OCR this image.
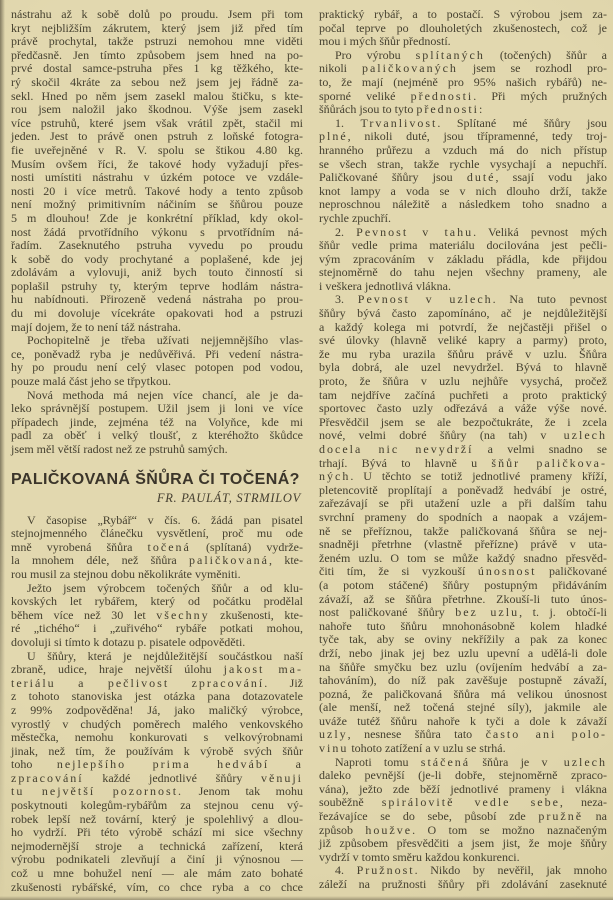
nástrahu až k sobě dolů po proudu. Jsem při tom
kryt nejbližším zákrutem, který jsem již před tím
právě prochytal, takže pstruzi nemohou mne viděti
předčasně. Jen tímto způsobem jsem hned na po-
prvé dostal samce-pstruha přes 1 kg těžkého, kte-
rý skočil 4kráte za sebou než jsem jej řádně za-
sekl. Hned po něm jsem zasekl malou štičku, s kte-
rou jsem naložil jako škodnou. Výše jsem zasekl
více pstruhů, které jsem však vrátil zpět, stačil mi
jeden. Jest to právě onen pstruh z loňské fotogra-
fie uveřejněné v R. V. spolu se štikou 4.80 kg.
Musím ovšem říci, že takové hody vyžadují přes-
nosti umístiti nástrahu v úzkém potoce ve vzdále-
nosti 20 i více metrů. Takové hody a tento způsob
není možný primitivním náčiním se šňůrou pouze
5 m dlouhou! Zde je konkrétní příklad, kdy okol-
nost žádá prvotřídního výkonu s prvotřídním ná-
řadím. Zaseknutého pstruha vyvedu po proudu
k sobě do vody prochytané a poplašené, kde jej
zdolávám a vylovuji, aniž bych touto činností si
poplašil pstruhy ty, kterým teprve hodlám nástra-
hu nabídnouti. Přirozeně vedená nástraha po prou-
du mi dovoluje vícekráte opakovati hod a pstruzi
mají dojem, že to není táž nástraha.
Pochopitelně je třeba užívati nejjemnějšího vlas-
ce, poněvadž ryba je nedůvěřivá. Při vedení nástra-
hy po proudu není celý vlasec potopen pod vodou,
pouze malá část jeho se třpytkou.
Nová methoda má nejen více chancí, ale je da-
leko správnější postupem. Užil jsem ji loni ve více
případech jinde, zejména též na Volyňce, kde mi
padl za oběť i velký tloušť, z kteréhožto škůdce
jsem měl větší radost než ze pstruhů samých.
PALIČKOVANÁ ŠŇŮRA ČI TOČENÁ?
FR. PAULÁT, STRMILOV
V časopise „Rybář“ v čís. 6. žádá pan pisatel
stejnojmenného článečku vysvětlení, proč mu ode
mně vyrobená šňůra točená (splítaná) vydrže-
la mnohem déle, než šňůra paličkovaná, kte-
rou musil za stejnou dobu několikráte vyměniti.
Ježto jsem výrobcem točených šňůr a od klu-
kovských let rybářem, který od počátku prodělal
během více než 30 let všechny zkušenosti, kte-
ré „tichého“ i „zuřivého“ rybáře potkati mohou,
dovoluji si tímto k dotazu p. pisatele odpověděti.
U šňůry, která je nejdůležitější součástkou naší
zbraně, udice, hraje největší úlohu jakost ma-
teriálu a pečlivost zpracování. Již
z tohoto stanoviska jest otázka pana dotazovatele
z 99% zodpověděna! Já, jako maličký výrobce,
vyrostlý v chudých poměrech malého venkovského
městečka, nemohu konkurovati s velkovýrobnami
jinak, než tím, že používám k výrobě svých šňůr
toho nejlepšího prima hedvábí a
zpracování každé jednotlivé šňůry věnuji
tu největší pozornost. Jenom tak mohu
poskytnouti kolegům-rybářům za stejnou cenu vý-
robek lepší než tovární, který je spolehlivý a dlou-
ho vydrží. Při této výrobě schází mi sice všechny
nejmodernější stroje a technická zařízení, která
výrobu podnikateli zlevňují a činí ji výnosnou —
což u mne bohužel není — ale mám zato bohaté
zkušenosti rybářské, vím, co chce ryba a co chce
praktický rybář, a to postačí. S výrobou jsem za-
počal teprve po dlouholetých zkušenostech, což je
mou i mých šňůr předností.
Pro výrobu splítaných (točených) šňůr a
nikoli paličkovaných jsem se rozhodl pro-
to, že mají (nejméně pro 95% našich rybářů) ne-
sporné veliké přednosti. Při mých pružných
šňůrách jsou to tyto přednosti:
1. Trvanlivost. Splítané mé šňůry jsou
plné, nikoli duté, jsou třípramenné, tedy troj-
hranného průřezu a vzduch má do nich přístup
se všech stran, takže rychle vysychají a nepuchří.
Paličkované šňůry jsou duté, ssají vodu jako
knot lampy a voda se v nich dlouho drží, takže
neproschnou náležitě a následkem toho snadno a
rychle zpuchří.
2. Pevnost v tahu. Veliká pevnost mých
šňůr vedle prima materiálu docilována jest pečli-
vým zpracováním v základu přádla, kde přijdou
stejnoměrně do tahu nejen všechny prameny, ale
i veškera jednotlivá vlákna.
3. Pevnost v uzlech. Na tuto pevnost
šňůry bývá často zapomínáno, ač je nejdůležitější
a každý kolega mi potvrdí, že nejčastěji přišel o
své úlovky (hlavně veliké kapry a parmy) proto,
že mu ryba urazila šňůru právě v uzlu. Šňůra
byla dobrá, ale uzel nevydržel. Bývá to hlavně
proto, že šňůra v uzlu nejhůře vysychá, pročež
tam nejdříve začíná puchřeti a proto praktický
sportovec často uzly odřezává a váže výše nové.
Přesvědčil jsem se ale bezpočtukráte, že i zcela
nové, velmi dobré šňůry (na tah) v uzlech
docela nic nevydrží a velmi snadno se
trhají. Bývá to hlavně u šňůr paličkova-
ných. U těchto se totiž jednotlivé prameny kříží,
pletencovitě proplítají a poněvadž hedvábí je ostré,
zařezávají se při utažení uzle a při dalším tahu
svrchní prameny do spodních a naopak a vzájem-
ně se přeříznou, takže paličkovaná šňůra se nej-
snadněji přetrhne (vlastně přeřízne) právě v uta-
ženém uzlu. O tom se může každý snadno přesvěd-
čiti tím, že si vyzkouší únosnost paličkované
(a potom stáčené) šňůry postupným přidáváním
závaží, až se šňůra přetrhne. Zkouší-li tuto únos-
nost paličkované šňůry bez uzlu, t. j. obtočí-li
nahoře tuto šňůru mnohonásobně kolem hladké
tyče tak, aby se oviny nekřížily a pak za konec
drží, nebo jinak jej bez uzlu upevní a udělá-li dole
na šňůře smyčku bez uzlu (ovíjením hedvábí a za-
tahováním), do níž pak zavěšuje postupně závaží,
pozná, že paličkovaná šňůra má velikou únosnost
(ale menší, než točená stejné síly), jakmile ale
uváže tutéž šňůru nahoře k tyči a dole k závaží
uzly, nesnese šňůra tato často ani polo-
vinu tohoto zatížení a v uzlu se strhá.
Naproti tomu stáčená šňůra je v uzlech
daleko pevnější (je-li dobře, stejnoměrně zpraco-
vána), ježto zde běží jednotlivé prameny i vlákna
souběžně spirálovitě vedle sebe, neza-
řezávajíce se do sebe, působí zde pružně na
způsob houžve. O tom se možno naznačeným
již způsobem přesvědčiti a jsem jist, že moje šňůry
vydrží v tomto směru každou konkurenci.
4. Pružnost. Nikdo by nevěřil, jak mnoho
záleží na pružnosti šňůry při zdolávání zaseknuté
